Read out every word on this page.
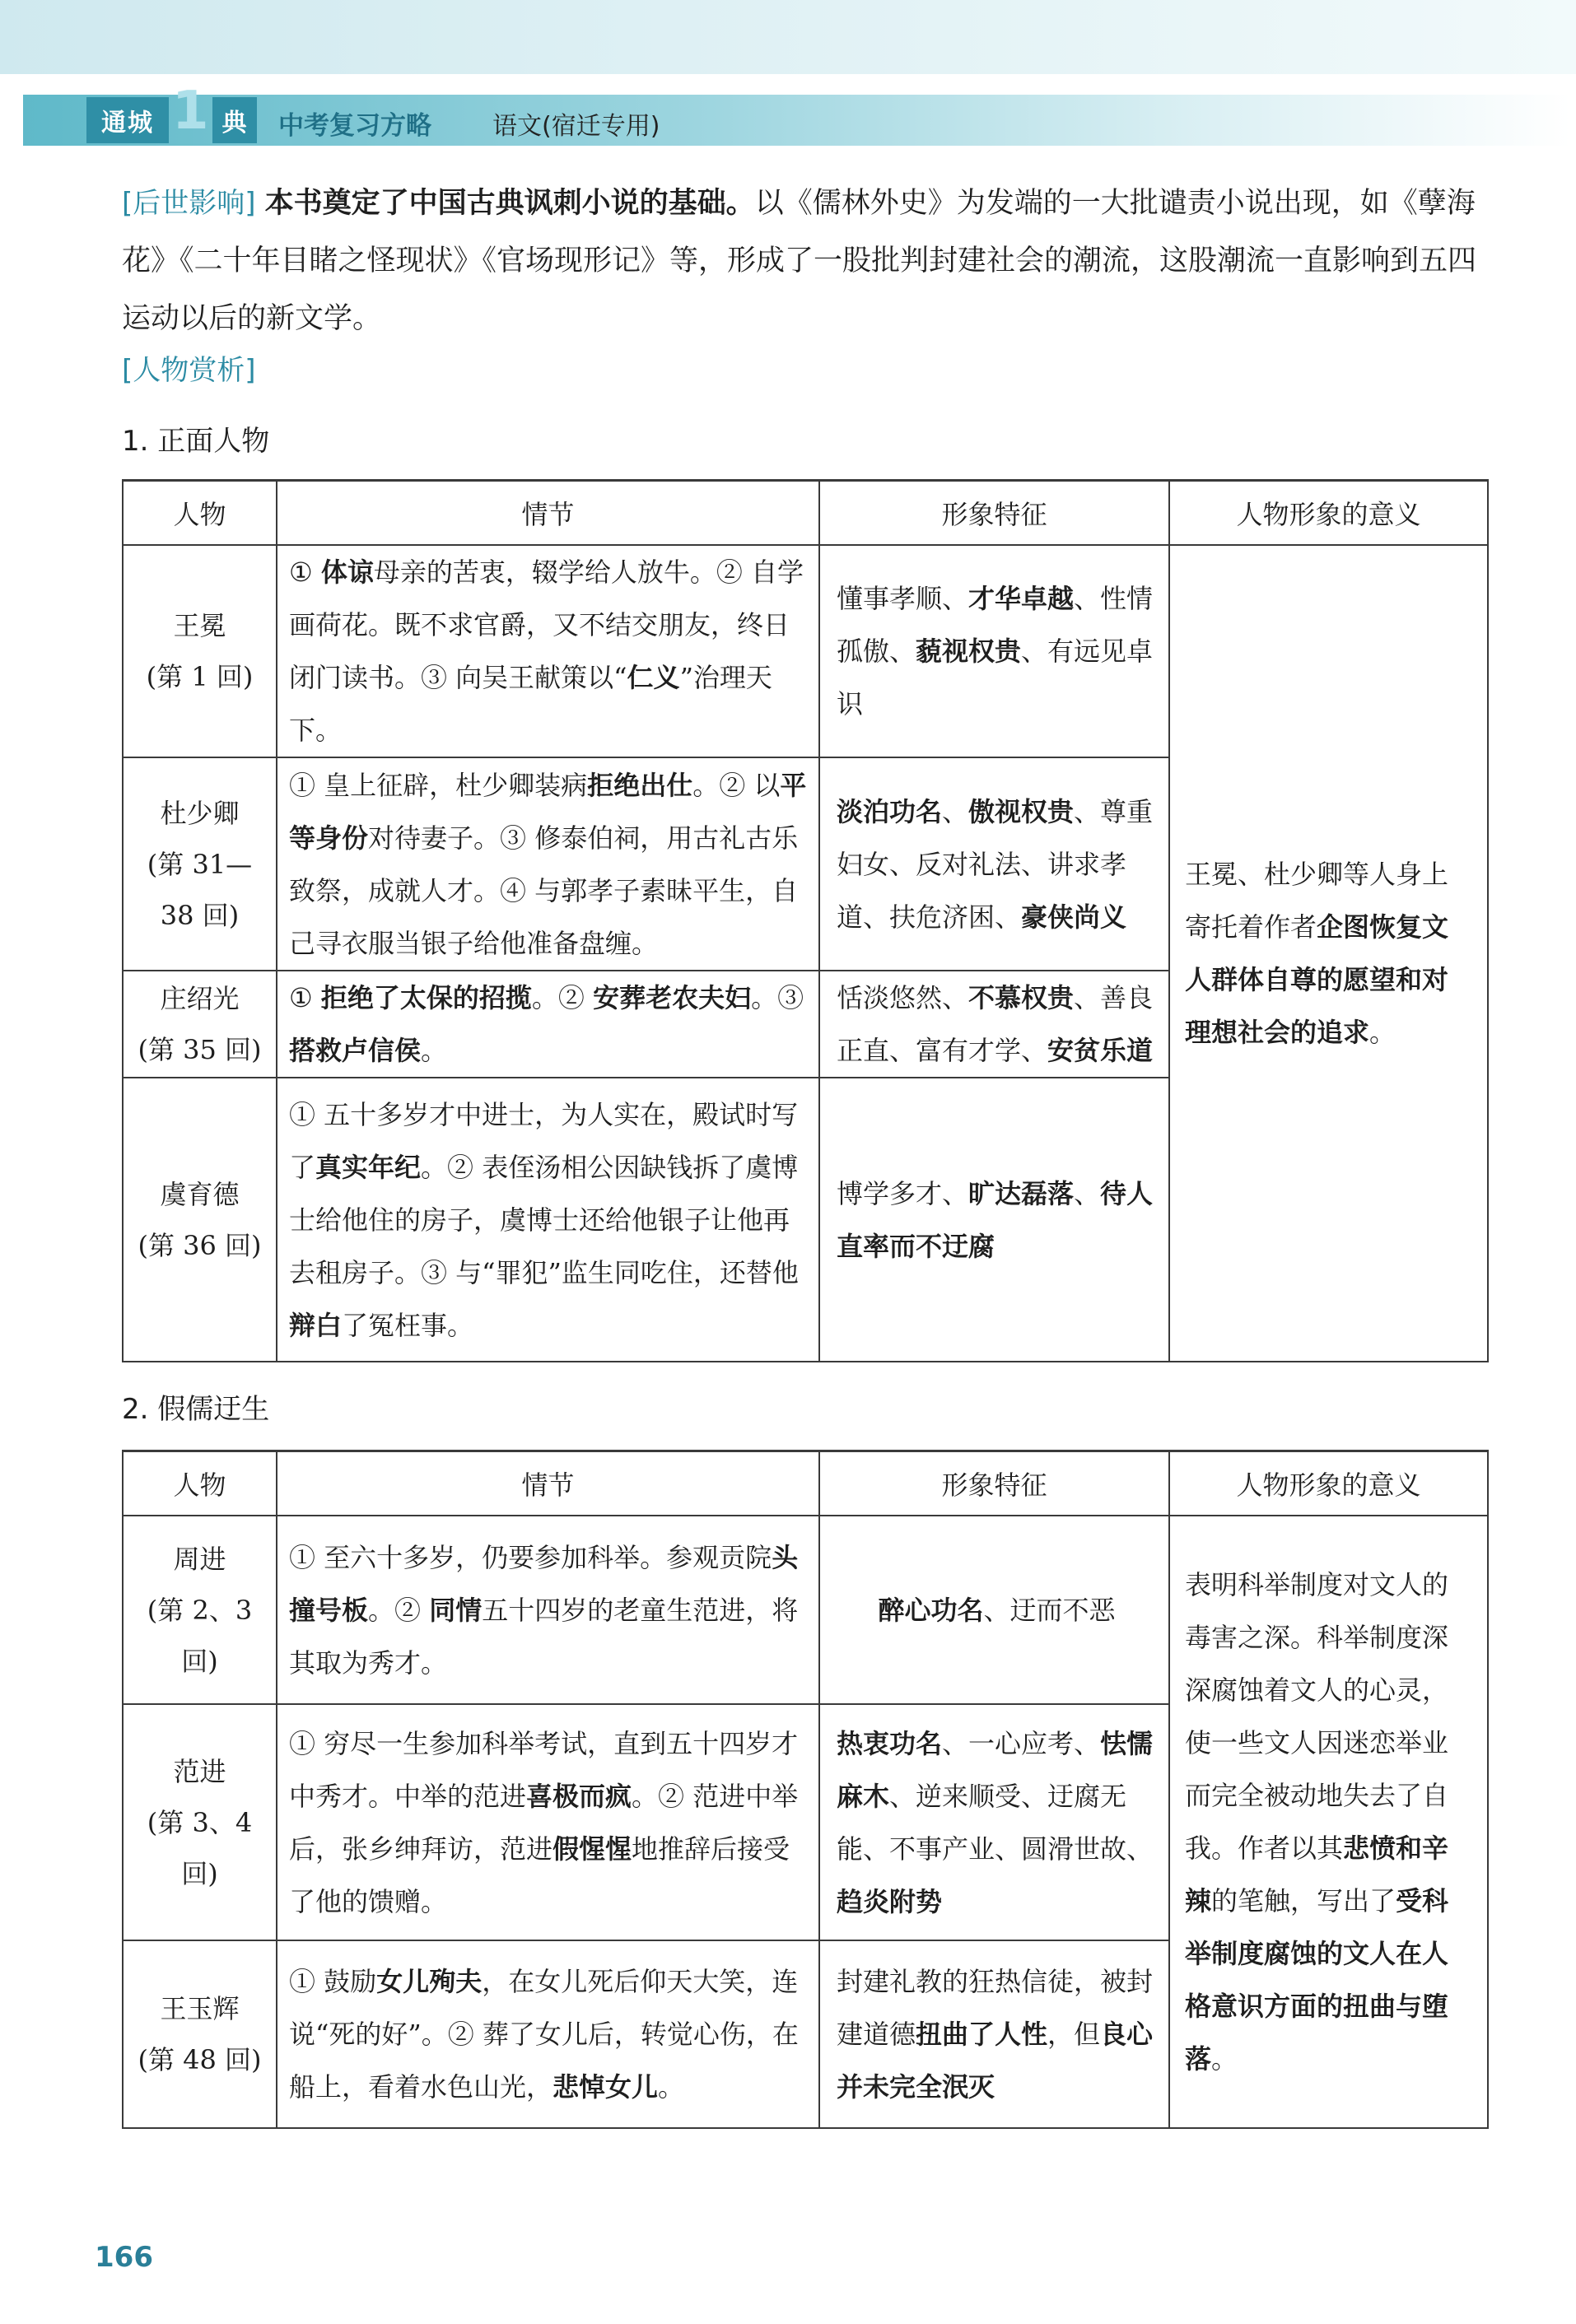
通城 1 典	中考复习方略 语文(宿迁专用)
[后世影响] 本书奠定了中国古典讽刺小说的基础。以《儒林外史》为发端的一大批谴责小说出现，如《孽海花》《二十年目睹之怪现状》《官场现形记》等，形成了一股批判封建社会的潮流，这股潮流一直影响到五四运动以后的新文学。
[人物赏析]
1. 正面人物
人物	情节	形象特征	人物形象的意义

王冕
(第 1 回)	① 体谅母亲的苦衷，辍学给人放牛。② 自学画荷花。既不求官爵，又不结交朋友，终日闭门读书。③ 向吴王献策以“仁义”治理天下。	懂事孝顺、才华卓越、性情孤傲、藐视权贵、有远见卓识	王冕、杜少卿等人身上寄托着作者企图恢复文人群体自尊的愿望和对理想社会的追求。

杜少卿
(第 31—38 回)	① 皇上征辟，杜少卿装病拒绝出仕。② 以平等身份对待妻子。③ 修泰伯祠，用古礼古乐致祭，成就人才。④ 与郭孝子素昧平生，自己寻衣服当银子给他准备盘缠。	淡泊功名、傲视权贵、尊重妇女、反对礼法、讲求孝道、扶危济困、豪侠尚义	

庄绍光
(第 35 回)	① 拒绝了太保的招揽。② 安葬老农夫妇。③ 搭救卢信侯。	恬淡悠然、不慕权贵、善良正直、富有才学、安贫乐道	

虞育德
(第 36 回)	① 五十多岁才中进士，为人实在，殿试时写了真实年纪。② 表侄汤相公因缺钱拆了虞博士给他住的房子，虞博士还给他银子让他再去租房子。③ 与“罪犯”监生同吃住，还替他辩白了冤枉事。	博学多才、旷达磊落、待人直率而不迂腐	
2. 假儒迂生
人物	情节	形象特征	人物形象的意义

周进
(第 2、3 回)	① 至六十多岁，仍要参加科举。参观贡院头撞号板。② 同情五十四岁的老童生范进，将其取为秀才。	醉心功名、迂而不恶	表明科举制度对文人的毒害之深。科举制度深深腐蚀着文人的心灵，使一些文人因迷恋举业而完全被动地失去了自我。作者以其悲愤和辛辣的笔触，写出了受科举制度腐蚀的文人在人格意识方面的扭曲与堕落。

范进
(第 3、4 回)	① 穷尽一生参加科举考试，直到五十四岁才中秀才。中举的范进喜极而疯。② 范进中举后，张乡绅拜访，范进假惺惺地推辞后接受了他的馈赠。	热衷功名、一心应考、怯懦麻木、逆来顺受、迂腐无能、不事产业、圆滑世故、趋炎附势	

王玉辉
(第 48 回)	① 鼓励女儿殉夫，在女儿死后仰天大笑，连说“死的好”。② 葬了女儿后，转觉心伤，在船上，看着水色山光，悲悼女儿。	封建礼教的狂热信徒，被封建道德扭曲了人性，但良心并未完全泯灭	
166
